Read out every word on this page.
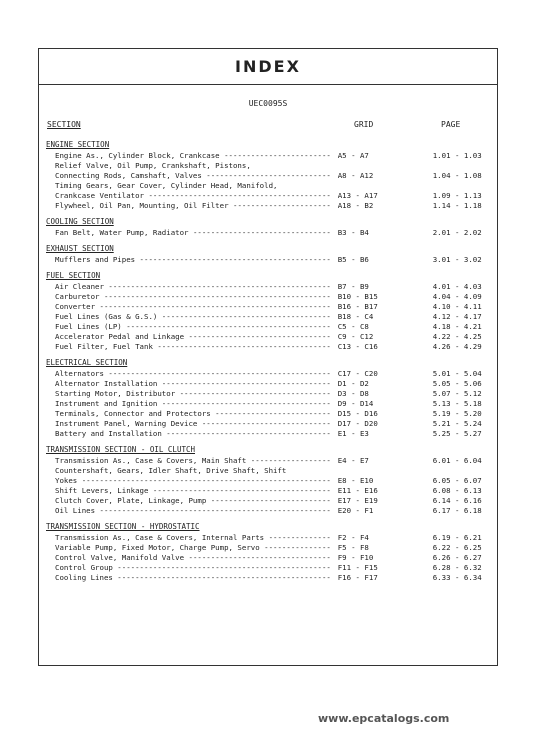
INDEX
UEC0095S
SECTION	GRID	PAGE
ENGINE SECTION
Engine As., Cylinder Block, Crankcase -----	A5 - A7	1.01 - 1.03
Relief Valve, Oil Pump, Crankshaft, Pistons,
Connecting Rods, Camshaft, Valves -----	A8 - A12	1.04 - 1.08
Timing Gears, Gear Cover, Cylinder Head, Manifold,
Crankcase Ventilator -----	A13 - A17	1.09 - 1.13
Flywheel, Oil Pan, Mounting, Oil Filter -----	A18 - B2	1.14 - 1.18
COOLING SECTION
Fan Belt, Water Pump, Radiator -----	B3 - B4	2.01 - 2.02
EXHAUST SECTION
Mufflers and Pipes -----	B5 - B6	3.01 - 3.02
FUEL SECTION
Air Cleaner -----	B7 - B9	4.01 - 4.03
Carburetor -----	B10 - B15	4.04 - 4.09
Converter -----	B16 - B17	4.10 - 4.11
Fuel Lines (Gas & G.S.) -----	B18 - C4	4.12 - 4.17
Fuel Lines (LP) -----	C5 - C8	4.18 - 4.21
Accelerator Pedal and Linkage -----	C9 - C12	4.22 - 4.25
Fuel Filter, Fuel Tank -----	C13 - C16	4.26 - 4.29
ELECTRICAL SECTION
Alternators -----	C17 - C20	5.01 - 5.04
Alternator Installation -----	D1 - D2	5.05 - 5.06
Starting Motor, Distributor -----	D3 - D8	5.07 - 5.12
Instrument and Ignition -----	D9 - D14	5.13 - 5.18
Terminals, Connector and Protectors -----	D15 - D16	5.19 - 5.20
Instrument Panel, Warning Device -----	D17 - D20	5.21 - 5.24
Battery and Installation -----	E1 - E3	5.25 - 5.27
TRANSMISSION SECTION - OIL CLUTCH
Transmission As., Case & Covers, Main Shaft -----	E4 - E7	6.01 - 6.04
Countershaft, Gears, Idler Shaft, Drive Shaft, Shift
Yokes -----	E8 - E10	6.05 - 6.07
Shift Levers, Linkage -----	E11 - E16	6.08 - 6.13
Clutch Cover, Plate, Linkage, Pump -----	E17 - E19	6.14 - 6.16
Oil Lines -----	E20 - F1	6.17 - 6.18
TRANSMISSION SECTION - HYDROSTATIC
Transmission As., Case & Covers, Internal Parts -----	F2 - F4	6.19 - 6.21
Variable Pump, Fixed Motor, Charge Pump, Servo -----	F5 - F8	6.22 - 6.25
Control Valve, Manifold Valve -----	F9 - F10	6.26 - 6.27
Control Group -----	F11 - F15	6.28 - 6.32
Cooling Lines -----	F16 - F17	6.33 - 6.34
www.epcatalogs.com
